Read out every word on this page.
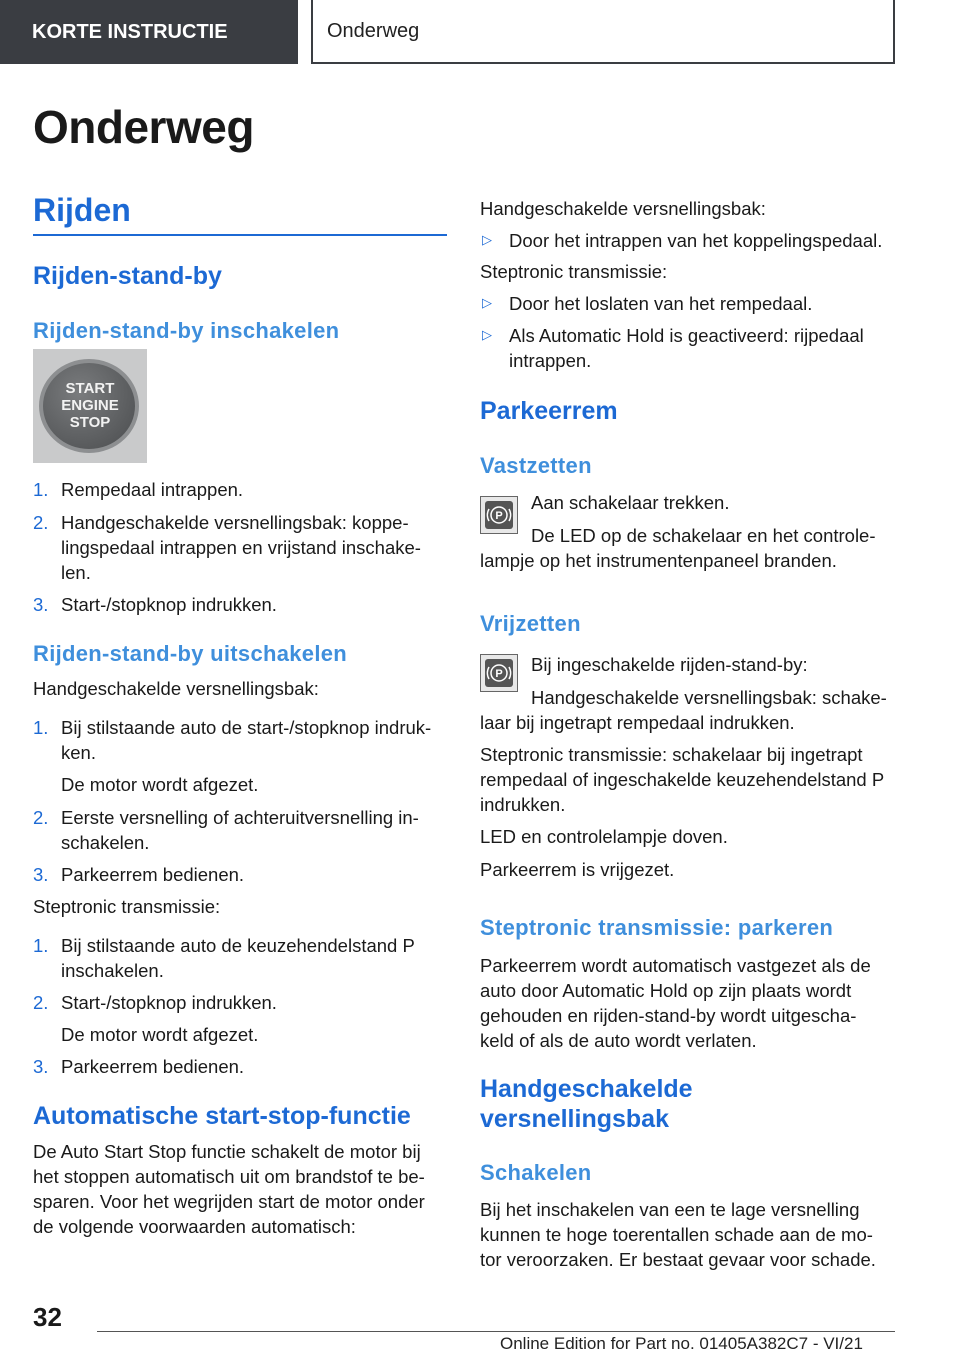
KORTE INSTRUCTIE	Onderweg
Onderweg
Rijden
Rijden-stand-by
Rijden-stand-by inschakelen
START
ENGINE
STOP
1. Rempedaal intrappen.
2. Handgeschakelde versnellingsbak: koppe-
lingspedaal intrappen en vrijstand inschake-
len.
3. Start-/stopknop indrukken.
Rijden-stand-by uitschakelen
Handgeschakelde versnellingsbak:
1. Bij stilstaande auto de start-/stopknop indruk-
ken.
De motor wordt afgezet.
2. Eerste versnelling of achteruitversnelling in-
schakelen.
3. Parkeerrem bedienen.
Steptronic transmissie:
1. Bij stilstaande auto de keuzehendelstand P
inschakelen.
2. Start-/stopknop indrukken.
De motor wordt afgezet.
3. Parkeerrem bedienen.
Automatische start-stop-functie
De Auto Start Stop functie schakelt de motor bij
het stoppen automatisch uit om brandstof te be-
sparen. Voor het wegrijden start de motor onder
de volgende voorwaarden automatisch:
Handgeschakelde versnellingsbak:
▷ Door het intrappen van het koppelingspedaal.
Steptronic transmissie:
▷ Door het loslaten van het rempedaal.
▷ Als Automatic Hold is geactiveerd: rijpedaal
intrappen.
Parkeerrem
Vastzetten
P
Aan schakelaar trekken.
De LED op de schakelaar en het controle-
lampje op het instrumentenpaneel branden.
Vrijzetten
P Bij ingeschakelde rijden-stand-by:
Handgeschakelde versnellingsbak: schake-
laar bij ingetrapt rempedaal indrukken.
Steptronic transmissie: schakelaar bij ingetrapt
rempedaal of ingeschakelde keuzehendelstand P
indrukken.
LED en controlelampje doven.
Parkeerrem is vrijgezet.
Steptronic transmissie: parkeren
Parkeerrem wordt automatisch vastgezet als de
auto door Automatic Hold op zijn plaats wordt
gehouden en rijden-stand-by wordt uitgescha-
keld of als de auto wordt verlaten.
Handgeschakelde
versnellingsbak
Schakelen
Bij het inschakelen van een te lage versnelling
kunnen te hoge toerentallen schade aan de mo-
tor veroorzaken. Er bestaat gevaar voor schade.
32
Online Edition for Part no. 01405A382C7 - VI/21
